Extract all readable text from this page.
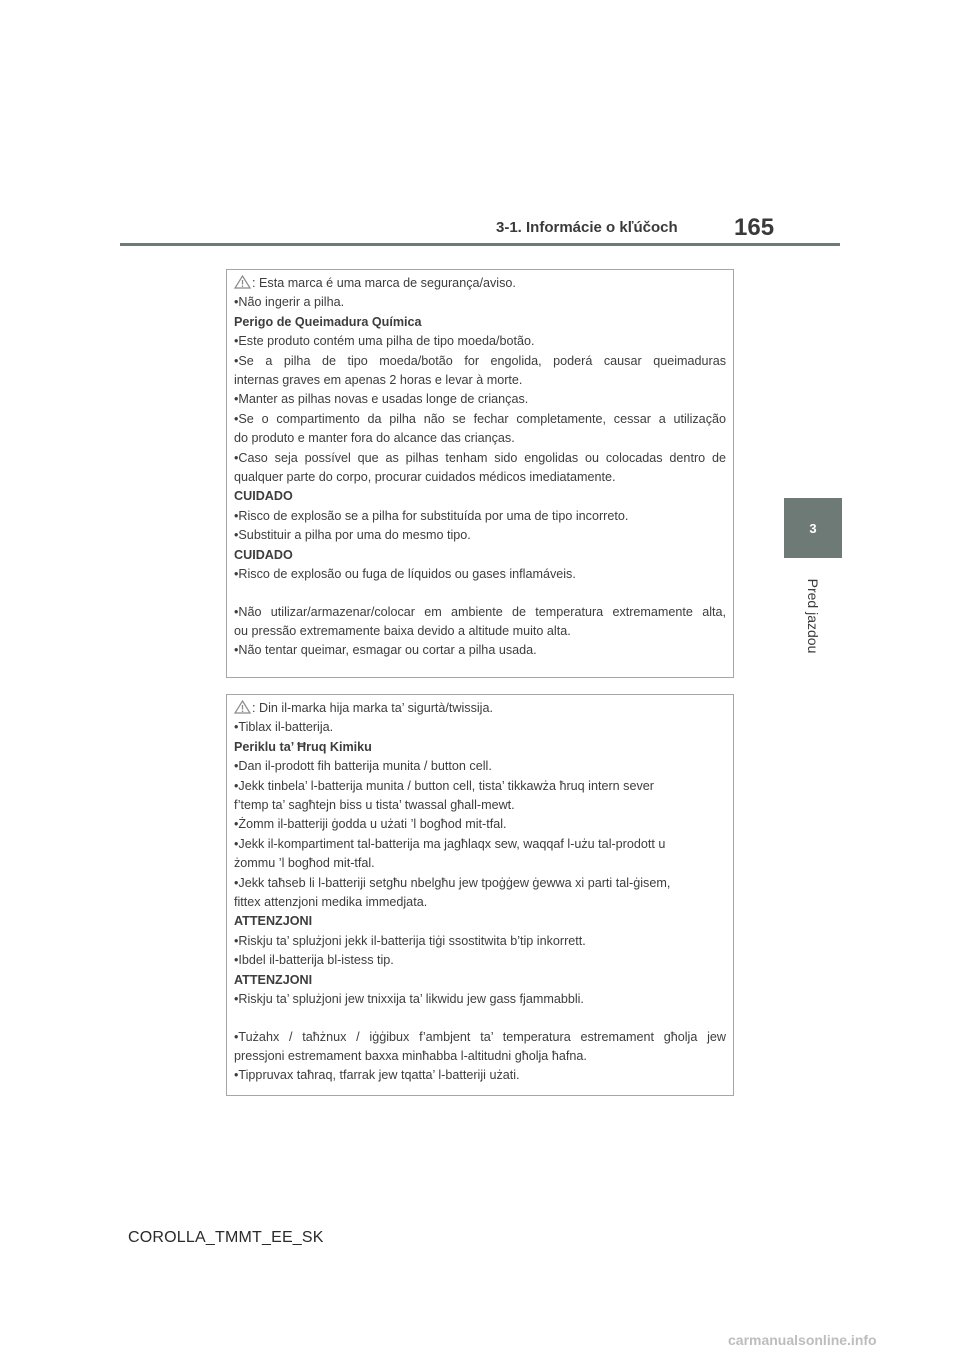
3-1. Informácie o kľúčoch 165
3
Pred jazdou

: Esta marca é uma marca de segurança/aviso.

•Não ingerir a pilha.

Perigo de Queimadura Química

•Este produto contém uma pilha de tipo moeda/botão.

•Se a pilha de tipo moeda/botão for engolida, poderá causar queimaduras

internas graves em apenas 2 horas e levar à morte.

•Manter as pilhas novas e usadas longe de crianças.

•Se o compartimento da pilha não se fechar completamente, cessar a utilização

do produto e manter fora do alcance das crianças.

•Caso seja possível que as pilhas tenham sido engolidas ou colocadas dentro de

qualquer parte do corpo, procurar cuidados médicos imediatamente.

CUIDADO

•Risco de explosão se a pilha for substituída por uma de tipo incorreto.

•Substituir a pilha por uma do mesmo tipo.

CUIDADO

•Risco de explosão ou fuga de líquidos ou gases inflamáveis.

•Não utilizar/armazenar/colocar em ambiente de temperatura extremamente alta,

ou pressão extremamente baixa devido a altitude muito alta.

•Não tentar queimar, esmagar ou cortar a pilha usada.

: Din il-marka hija marka ta’ sigurtà/twissija.

•Tiblax il-batterija.

Periklu ta’ Ħruq Kimiku

•Dan il-prodott fih batterija munita / button cell.

•Jekk tinbela’ l-batterija munita / button cell, tista’ tikkawża ħruq intern sever

f’temp ta’ sagħtejn biss u tista’ twassal għall-mewt.

•Żomm il-batteriji ġodda u użati ’l bogħod mit-tfal.

•Jekk il-kompartiment tal-batterija ma jagħlaqx sew, waqqaf l-użu tal-prodott u

żommu ’l bogħod mit-tfal.

•Jekk taħseb li l-batteriji setgħu nbelgħu jew tpoġġew ġewwa xi parti tal-ġisem,

fittex attenzjoni medika immedjata.

ATTENZJONI

•Riskju ta’ splużjoni jekk il-batterija tiġi ssostitwita b’tip inkorrett.

•Ibdel il-batterija bl-istess tip.

ATTENZJONI

•Riskju ta’ splużjoni jew tnixxija ta’ likwidu jew gass fjammabbli.

•Tużahx / taħżnux / iġġibux f’ambjent ta’ temperatura estremament għolja jew

pressjoni estremament baxxa minħabba l-altitudni għolja ħafna.

•Tippruvax taħraq, tfarrak jew tqatta’ l-batteriji użati.

COROLLA_TMMT_EE_SK
carmanualsonline.info
